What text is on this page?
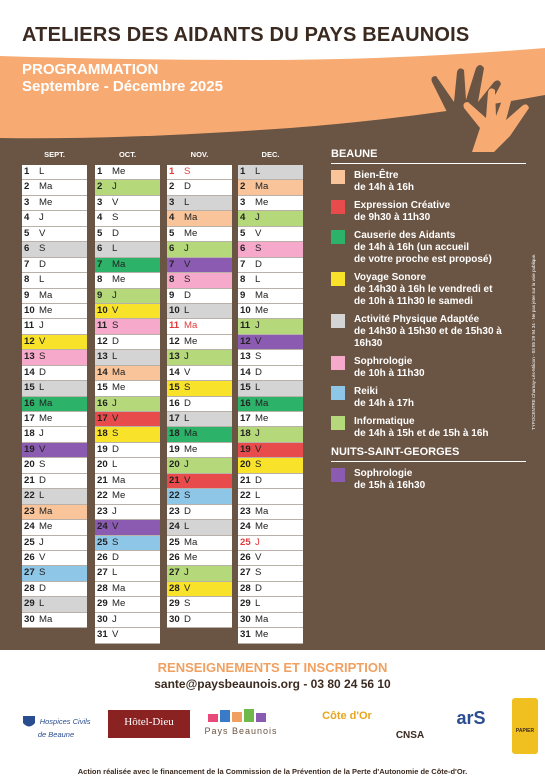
ATELIERS DES AIDANTS DU PAYS BEAUNOIS
PROGRAMMATION
Septembre - Décembre 2025
SEPT.
1	L
2	Ma
3	Me
4	J
5	V
6	S
7	D
8	L
9	Ma
10 Me
11 J
12 V
13 S
14 D
15 L
16 Ma
17 Me
18 J
19 V
20 S
21 D
22 L
23 Ma
24 Me
25 J
26 V
27 S
28 D
29 L
30 Ma
OCT.
1	Me
2	J
3	V
4	S
5	D
6	L
7	Ma
8	Me
9	J
10 V
11 S
12 D
13 L
14 Ma
15 Me
16 J
17 V
18 S
19 D
20 L
21 Ma
22 Me
23 J
24 V
25 S
26 D
27 L
28 Ma
29 Me
30 J
31 V
NOV.
1	S
2	D
3	L
4	Ma
5	Me
6	J
7	V
8	S
9	D
10 L
11 Ma
12 Me
13 J
14 V
15 S
16 D
17 L
18 Ma
19 Me
20 J
21 V
22 S
23 D
24 L
25 Ma
26 Me
27 J
28 V
29 S
30 D
DEC.
1	L
2	Ma
3	Me
4	J
5	V
6	S
7	D
8	L
9	Ma
10 Me
11 J
12 V
13 S
14 D
15 L
16 Ma
17 Me
18 J
19 V
20 S
21 D
22 L
23 Ma
24 Me
25 J
26 V
27 S
28 D
29 L
30 Ma
31 Me
BEAUNE
Bien-Être
de 14h à 16h
Expression Créative
de 9h30 à 11h30
Causerie des Aidants
de 14h à 16h (un accueil
de votre proche est proposé)
Voyage Sonore
de 14h30 à 16h le vendredi et
de 10h à 11h30 le samedi
Activité Physique Adaptée
de 14h30 à 15h30 et de 15h30 à
16h30
Sophrologie
de 10h à 11h30
Reiki
de 14h à 17h
Informatique
de 14h à 15h et de 15h à 16h
NUITS-SAINT-GEORGES
Sophrologie
de 15h à 16h30
TYPOCENTRE Charnay-Lès-Mâcon - 03 85 29 94 34 - Ne pas jeter sur la voie publique.
RENSEIGNEMENTS ET INSCRIPTION
sante@paysbeaunois.org - 03 80 24 56 10
Hospices Civils de Beaune
Hôtel-Dieu
Pays Beaunois
Côte d'Or
CNSA
arS
PAPIER
Action réalisée avec le financement de la Commission de la Prévention de la Perte d'Autonomie de Côte-d'Or.
